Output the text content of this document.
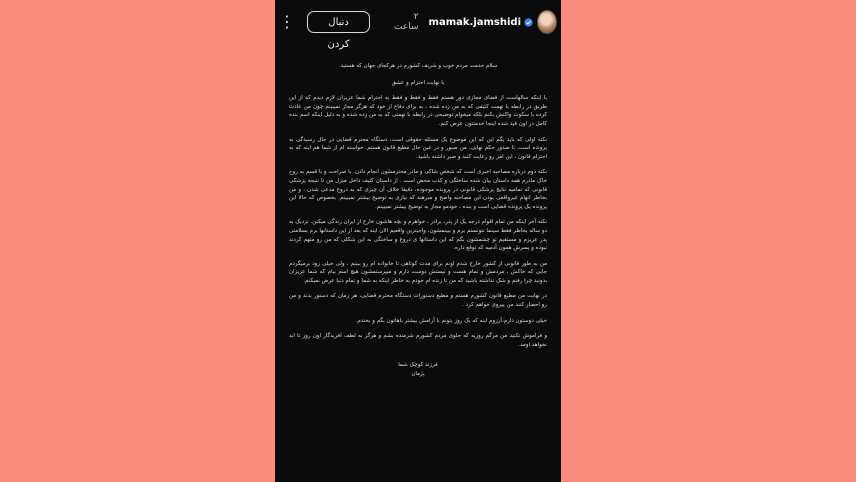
⋮	دنبال کردن
۲ ساعت mamak.jamshidi

سلام خدمت مردم خوب و شریف کشورم در هرکجای جهان که هستید.

با نهایت احترام و عشق

با اینکه سالهاست از فضای مجازی دور هستم فقط و فقط و فقط به احترام شما عزیزان لازم دیدم که از این طریق در رابطه با تهمت کثیفی که به من زده شده ، به برای دفاع از خود که هرگز مجاز نمیبینم چون من عادت کرده با سکوت واکنش بکنم بلکه میخوام توضیحی در رابطه با تهمتی که به من زده شده و به دلیل اینکه اسم بنده کامل در اون قید شده اینجا خدمتتون عرض کنم.

نکته اولی که باید بگم این که این موضوع یک مسئله حقوقی است، دستگاه محترم قضایی در حال رسیدگی به پرونده است، تا صدور حکم نهایی، من صبور و در عین حال مطیع قانون هستم. خواسته ام از شما هم اینه که به احترام قانون ، این امر رو رعایت کنید و صبر داشته باشید.

نکته دوم درباره مصاحبه اخیری است که شخص شاکی و مادر محترمشون انجام دادن. با صراحت و با قسم به روح خاک مادرم همه داستان بیان شده ساختگی و کذب محض است . از داستان کثیف داخل منزل من تا نتیجه پزشکی قانونی که تمامیه نتایج پزشکی قانونی در پرونده موجوده، دقیقا خلاف آن چیزی که به دروغ مدعی شدن ، و من بخاطر اتهام غیرواقعی بودن این مصاحبه واضح و مبرهنه که نیازی به توضیح بیشتر نمیبینم. بخصوص که حالا این پرونده یک پرونده قضایی است و بنده ، خودمو مجاز به توضیح بیشتر نمیبینم.

نکته آخر اینکه من تمام اقوام درجه یک از پدر، برادر ، خواهرم و بچه هاشون خارج از ایران زندگی میکنن. نزدیک به دو ساله بخاطر فقط سینما نتونستم برم و ببینمشون، واجبترین واقعیم الان اینه که بعد از این داستانها برم بسلامتی پدر عزیزم و مستقیم تو چشمشون بگم که این داستانها ی دروغ و ساختگی به این شکلی که من رو متهم کردند نبوده و پسرش همون آدمیه که توقع داره.

من به طور قانونی از کشور خارج شدم اونم برای مدت کوتاهی تا خانواده ام رو ببینم ، ولی خیلی زود برمیگردم جایی که خاکش ، مردمش و تمام هست و نیستش دوست دارم و میپرستمشون هیچ اسم بیام که شما عزیزان بدونید چرا رفتم و شک نداشته باشید که من تا زنده ام خودم به خاطر اینکه به شما و تمام دنیا عرض نمیکنم.

در نهایت من مطیع قانون کشورم هستم و مطیع دستورات دستگاه محترم قضایی، هر زمان که دستور بدند و من رو احضار کنند من پیروی خواهم کرد .

خیلی دوستون دارم،آرزوم اینه که یک روز بتونم با آرامش بیشتر باهاتون بگم و بخندم.

و فراموش نکنید من مرگم روزیه که جلوی مردم کشورم شرمنده بشم و هرگز به لطف افریدگار اون روز تا ابد نخواهد اومد.

فرزند کوچک شما

پژمان
